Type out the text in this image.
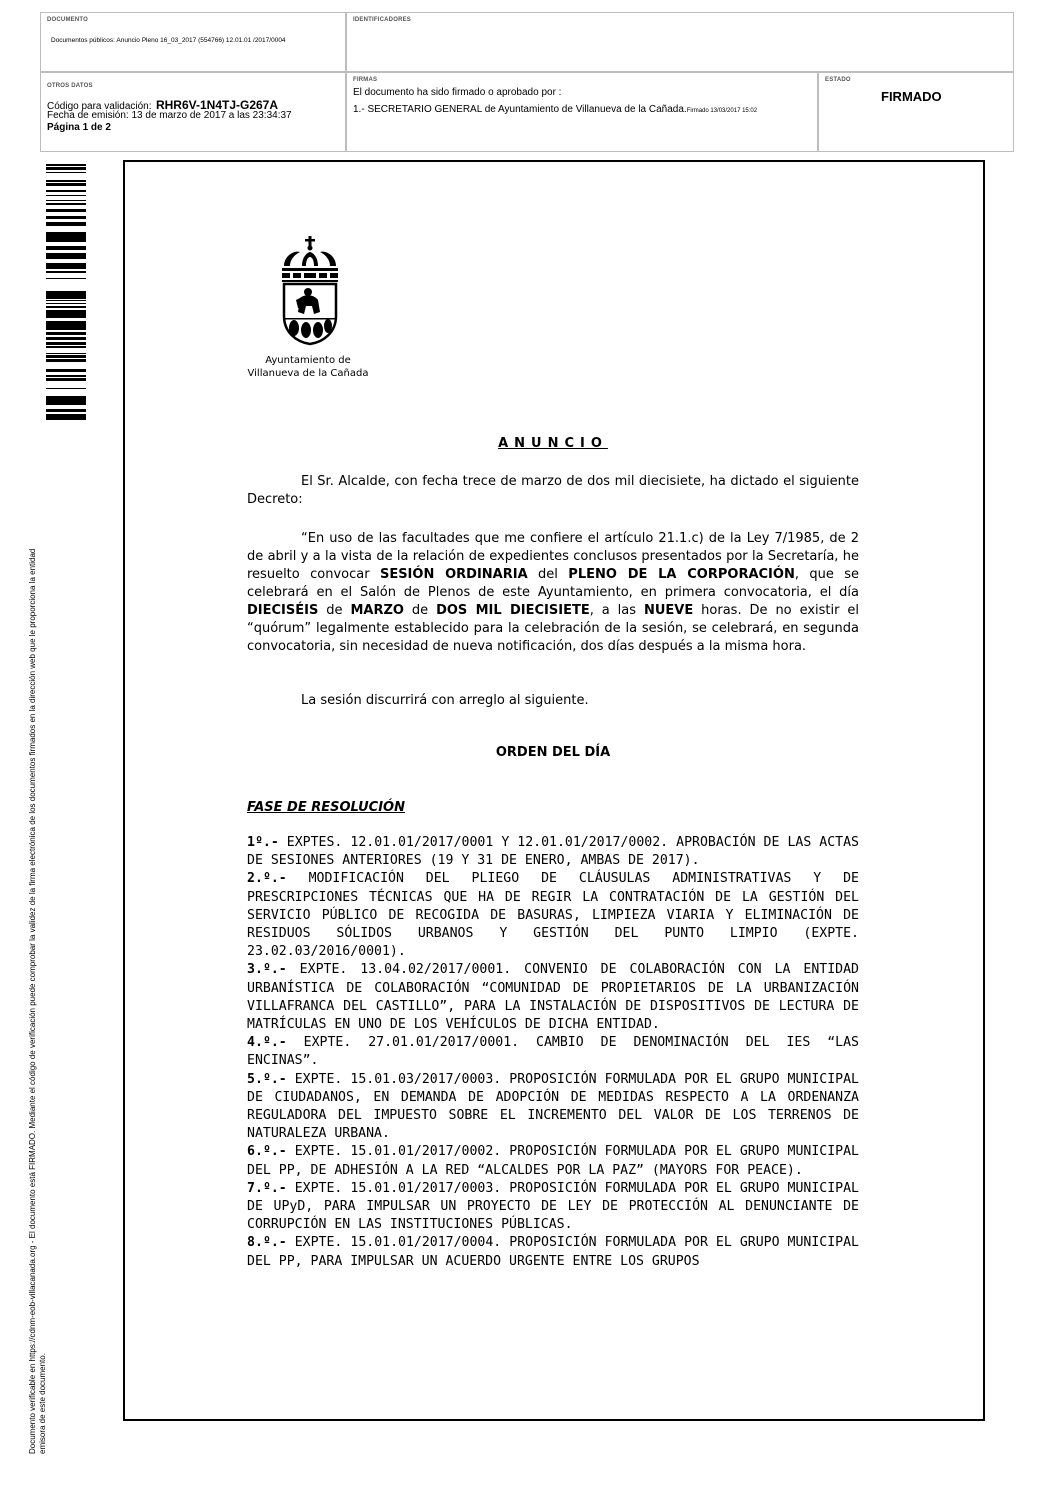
DOCUMENTO
Documentos públicos: Anuncio Pleno 16_03_2017 (554766) 12.01.01 /2017/0004
IDENTIFICADORES
OTROS DATOS
Código para validación: RHR6V-1N4TJ-G267A
Fecha de emisión: 13 de marzo de 2017 a las 23:34:37
Página 1 de 2
FIRMAS
El documento ha sido firmado o aprobado por :
1.- SECRETARIO GENERAL de Ayuntamiento de Villanueva de la Cañada.Firmado 13/03/2017 15:02
ESTADO
FIRMADO
Documento verificable en https://cdnm-eob-villacanada.org - El documento está FIRMADO. Mediante el código de verificación puede comprobar la validez de la firma electrónica de los documentos firmados en la dirección web que le proporciona la entidad emisora de este documento.
Ayuntamiento de
Villanueva de la Cañada
ANUNCIO

El Sr. Alcalde, con fecha trece de marzo de dos mil diecisiete, ha dictado el siguiente Decreto:

“En uso de las facultades que me confiere el artículo 21.1.c) de la Ley 7/1985, de 2 de abril y a la vista de la relación de expedientes conclusos presentados por la Secretaría, he resuelto convocar SESIÓN ORDINARIA del PLENO DE LA CORPORACIÓN, que se celebrará en el Salón de Plenos de este Ayuntamiento, en primera convocatoria, el día DIECISÉIS de MARZO de DOS MIL DIECISIETE, a las NUEVE horas. De no existir el “quórum” legalmente establecido para la celebración de la sesión, se celebrará, en segunda convocatoria, sin necesidad de nueva notificación, dos días después a la misma hora.

La sesión discurrirá con arreglo al siguiente.

ORDEN DEL DÍA
FASE DE RESOLUCIÓN

1º.- EXPTES. 12.01.01/2017/0001 Y 12.01.01/2017/0002. APROBACIÓN DE LAS ACTAS DE SESIONES ANTERIORES (19 Y 31 DE ENERO, AMBAS DE 2017).

2.º.- MODIFICACIÓN DEL PLIEGO DE CLÁUSULAS ADMINISTRATIVAS Y DE PRESCRIPCIONES TÉCNICAS QUE HA DE REGIR LA CONTRATACIÓN DE LA GESTIÓN DEL SERVICIO PÚBLICO DE RECOGIDA DE BASURAS, LIMPIEZA VIARIA Y ELIMINACIÓN DE RESIDUOS SÓLIDOS URBANOS Y GESTIÓN DEL PUNTO LIMPIO (EXPTE. 23.02.03/2016/0001).

3.º.- EXPTE. 13.04.02/2017/0001. CONVENIO DE COLABORACIÓN CON LA ENTIDAD URBANÍSTICA DE COLABORACIÓN “COMUNIDAD DE PROPIETARIOS DE LA URBANIZACIÓN VILLAFRANCA DEL CASTILLO”, PARA LA INSTALACIÓN DE DISPOSITIVOS DE LECTURA DE MATRÍCULAS EN UNO DE LOS VEHÍCULOS DE DICHA ENTIDAD.

4.º.- EXPTE. 27.01.01/2017/0001. CAMBIO DE DENOMINACIÓN DEL IES “LAS ENCINAS”.

5.º.- EXPTE. 15.01.03/2017/0003. PROPOSICIÓN FORMULADA POR EL GRUPO MUNICIPAL DE CIUDADANOS, EN DEMANDA DE ADOPCIÓN DE MEDIDAS RESPECTO A LA ORDENANZA REGULADORA DEL IMPUESTO SOBRE EL INCREMENTO DEL VALOR DE LOS TERRENOS DE NATURALEZA URBANA.

6.º.- EXPTE. 15.01.01/2017/0002. PROPOSICIÓN FORMULADA POR EL GRUPO MUNICIPAL DEL PP, DE ADHESIÓN A LA RED “ALCALDES POR LA PAZ” (MAYORS FOR PEACE).

7.º.- EXPTE. 15.01.01/2017/0003. PROPOSICIÓN FORMULADA POR EL GRUPO MUNICIPAL DE UPyD, PARA IMPULSAR UN PROYECTO DE LEY DE PROTECCIÓN AL DENUNCIANTE DE CORRUPCIÓN EN LAS INSTITUCIONES PÚBLICAS.

8.º.- EXPTE. 15.01.01/2017/0004. PROPOSICIÓN FORMULADA POR EL GRUPO MUNICIPAL DEL PP, PARA IMPULSAR UN ACUERDO URGENTE ENTRE LOS GRUPOS
